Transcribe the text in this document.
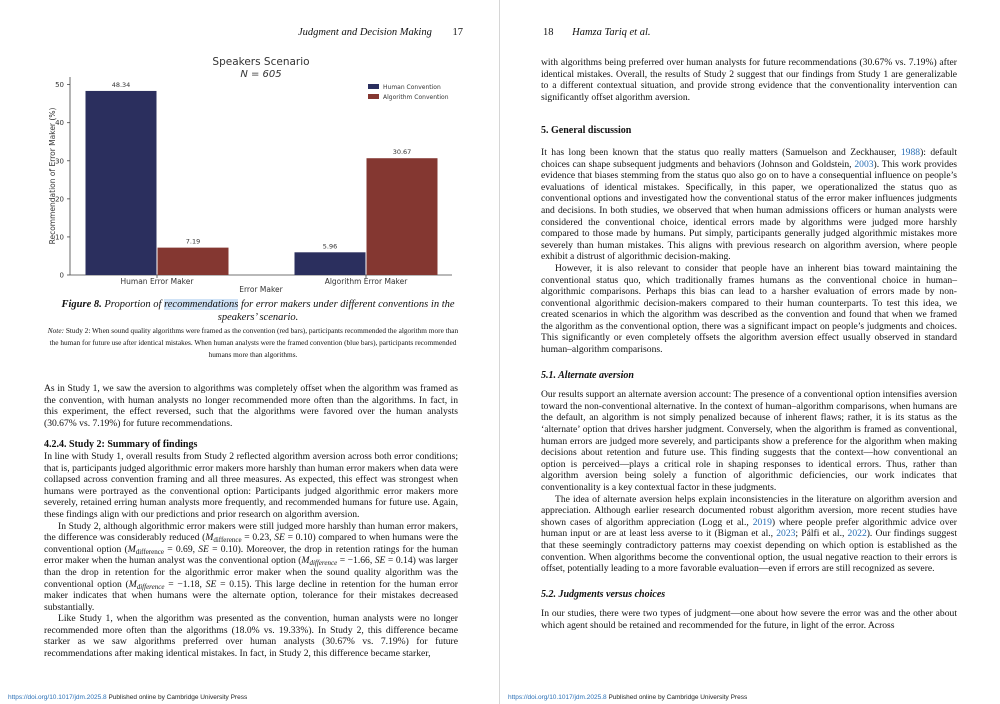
Judgment and Decision Making 17
Speakers Scenario
N = 605
0
10
20
30
40
50
Recommendation of Error Maker (%)
48.34
7.19
Human Error Maker
5.96
30.67
Algorithm Error Maker
Error Maker
Human Convention
Algorithm Convention
Figure 8. Proportion of recommendations for error makers under different conventions in the speakers’ scenario.
Note: Study 2: When sound quality algorithms were framed as the convention (red bars), participants recommended the algorithm more than the human for future use after identical mistakes. When human analysts were the framed convention (blue bars), participants recommended humans more than algorithms.

As in Study 1, we saw the aversion to algorithms was completely offset when the algorithm was framed as the convention, with human analysts no longer recommended more often than the algorithms. In fact, in this experiment, the effect reversed, such that the algorithms were favored over the human analysts (30.67% vs. 7.19%) for future recommendations.

4.2.4. Study 2: Summary of findings

In line with Study 1, overall results from Study 2 reflected algorithm aversion across both error conditions; that is, participants judged algorithmic error makers more harshly than human error makers when data were collapsed across convention framing and all three measures. As expected, this effect was strongest when humans were portrayed as the conventional option: Participants judged algorithmic error makers more severely, retained erring human analysts more frequently, and recommended humans for future use. Again, these findings align with our predictions and prior research on algorithm aversion.

In Study 2, although algorithmic error makers were still judged more harshly than human error makers, the difference was considerably reduced ($M_{difference} = 0.23$, SE = 0.10) compared to when humans were the conventional option ($M_{difference} = 0.69$, SE = 0.10). Moreover, the drop in retention ratings for the human error maker when the human analyst was the conventional option ($M_{difference} = -1.66$, SE = 0.14) was larger than the drop in retention for the algorithmic error maker when the sound quality algorithm was the conventional option ($M_{difference} = -1.18$, SE = 0.15). This large decline in retention for the human error maker indicates that when humans were the alternate option, tolerance for their mistakes decreased substantially.

Like Study 1, when the algorithm was presented as the convention, human analysts were no longer recommended more often than the algorithms (18.0% vs. 19.33%). In Study 2, this difference became starker as we saw algorithms preferred over human analysts (30.67% vs. 7.19%) for future recommendations after making identical mistakes. In fact, in Study 2, this difference became starker,

https://doi.org/10.1017/jdm.2025.8 Published online by Cambridge University Press
18 Hamza Tariq et al.

with algorithms being preferred over human analysts for future recommendations (30.67% vs. 7.19%) after identical mistakes. Overall, the results of Study 2 suggest that our findings from Study 1 are generalizable to a different contextual situation, and provide strong evidence that the conventionality intervention can significantly offset algorithm aversion.

5. General discussion

It has long been known that the status quo really matters (Samuelson and Zeckhauser, 1988): default choices can shape subsequent judgments and behaviors (Johnson and Goldstein, 2003). This work provides evidence that biases stemming from the status quo also go on to have a consequential influence on people’s evaluations of identical mistakes. Specifically, in this paper, we operationalized the status quo as conventional options and investigated how the conventional status of the error maker influences judgments and decisions. In both studies, we observed that when human admissions officers or human analysts were considered the conventional choice, identical errors made by algorithms were judged more harshly compared to those made by humans. Put simply, participants generally judged algorithmic mistakes more severely than human mistakes. This aligns with previous research on algorithm aversion, where people exhibit a distrust of algorithmic decision-making.

However, it is also relevant to consider that people have an inherent bias toward maintaining the conventional status quo, which traditionally frames humans as the conventional choice in human–algorithmic comparisons. Perhaps this bias can lead to a harsher evaluation of errors made by non-conventional algorithmic decision-makers compared to their human counterparts. To test this idea, we created scenarios in which the algorithm was described as the convention and found that when we framed the algorithm as the conventional option, there was a significant impact on people’s judgments and choices. This significantly or even completely offsets the algorithm aversion effect usually observed in standard human–algorithm comparisons.

5.1. Alternate aversion

Our results support an alternate aversion account: The presence of a conventional option intensifies aversion toward the non-conventional alternative. In the context of human–algorithm comparisons, when humans are the default, an algorithm is not simply penalized because of inherent flaws; rather, it is its status as the ‘alternate’ option that drives harsher judgment. Conversely, when the algorithm is framed as conventional, human errors are judged more severely, and participants show a preference for the algorithm when making decisions about retention and future use. This finding suggests that the context—how conventional an option is perceived—plays a critical role in shaping responses to identical errors. Thus, rather than algorithm aversion being solely a function of algorithmic deficiencies, our work indicates that conventionality is a key contextual factor in these judgments.

The idea of alternate aversion helps explain inconsistencies in the literature on algorithm aversion and appreciation. Although earlier research documented robust algorithm aversion, more recent studies have shown cases of algorithm appreciation (Logg et al., 2019) where people prefer algorithmic advice over human input or are at least less averse to it (Bigman et al., 2023; Pálfi et al., 2022). Our findings suggest that these seemingly contradictory patterns may coexist depending on which option is established as the convention. When algorithms become the conventional option, the usual negative reaction to their errors is offset, potentially leading to a more favorable evaluation—even if errors are still recognized as severe.

5.2. Judgments versus choices

In our studies, there were two types of judgment—one about how severe the error was and the other about which agent should be retained and recommended for the future, in light of the error. Across

https://doi.org/10.1017/jdm.2025.8 Published online by Cambridge University Press
